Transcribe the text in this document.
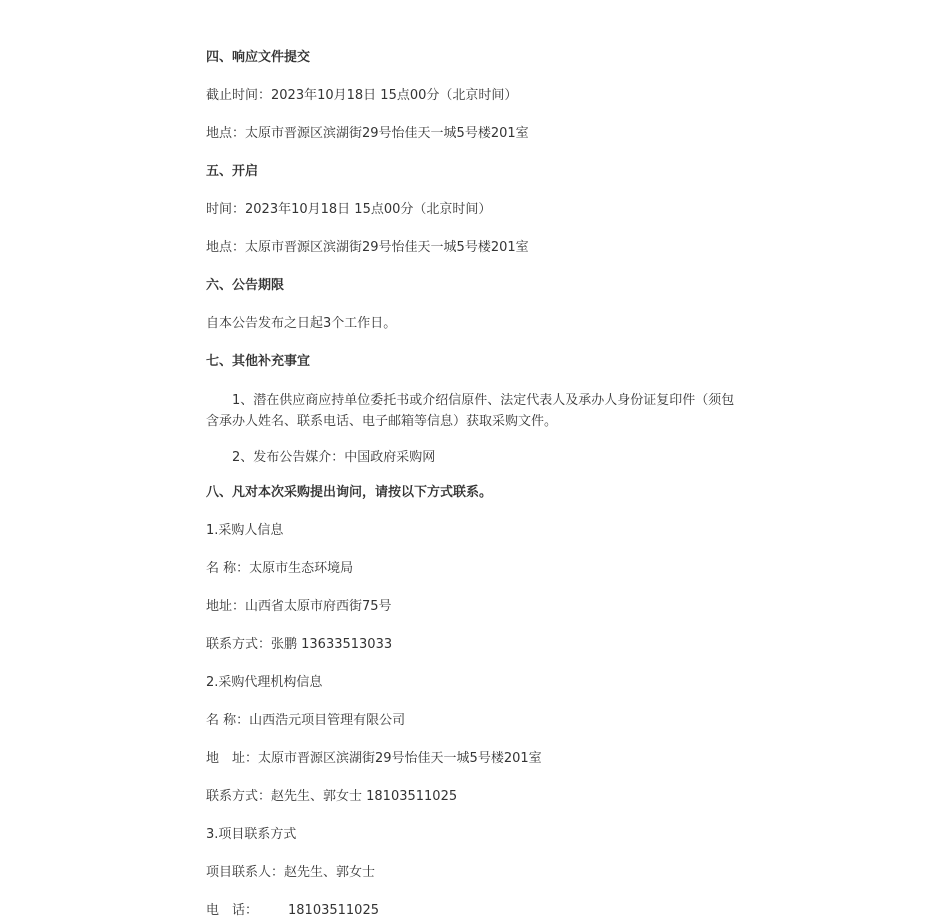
四、响应文件提交

截止时间：2023年10月18日 15点00分（北京时间）

地点：太原市晋源区滨湖街29号怡佳天一城5号楼201室

五、开启

时间：2023年10月18日 15点00分（北京时间）

地点：太原市晋源区滨湖街29号怡佳天一城5号楼201室

六、公告期限

自本公告发布之日起3个工作日。

七、其他补充事宜

1、潜在供应商应持单位委托书或介绍信原件、法定代表人及承办人身份证复印件（须包含承办人姓名、联系电话、电子邮箱等信息）获取采购文件。

2、发布公告媒介：中国政府采购网

八、凡对本次采购提出询问，请按以下方式联系。

1.采购人信息

名 称：太原市生态环境局

地址：山西省太原市府西街75号

联系方式：张鹏 13633513033

2.采购代理机构信息

名 称：山西浩元项目管理有限公司

地　址：太原市晋源区滨湖街29号怡佳天一城5号楼201室

联系方式：赵先生、郭女士 18103511025

3.项目联系方式

项目联系人：赵先生、郭女士

电　话： 18103511025
